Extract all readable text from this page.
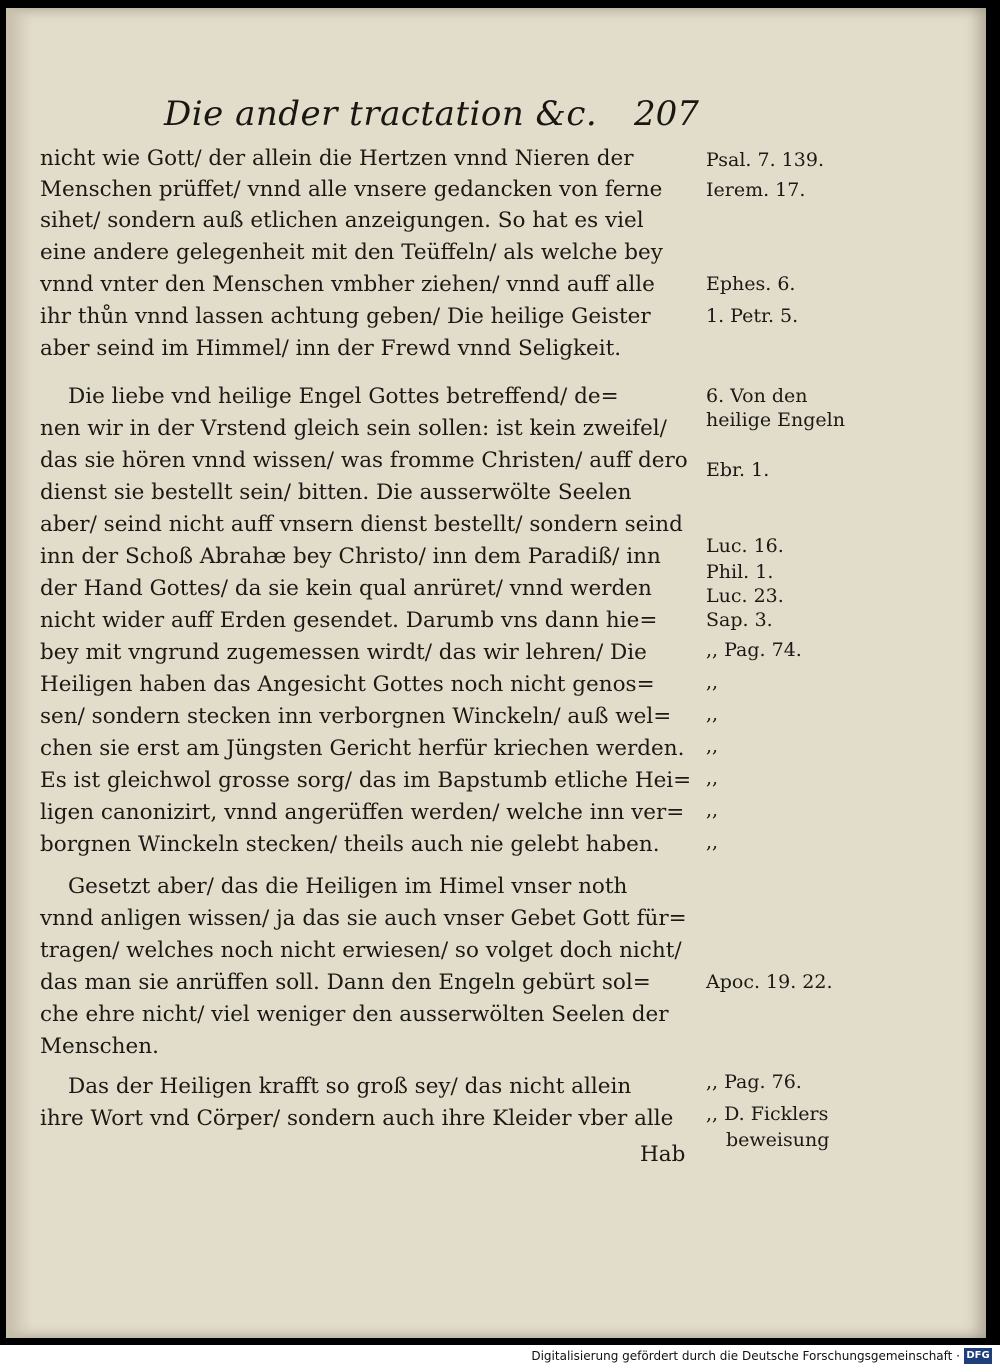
Die ander tractation &c. 207
nicht wie Gott/ der allein die Hertzen vnnd Nieren der
Menschen prüffet/ vnnd alle vnsere gedancken von ferne
sihet/ sondern auß etlichen anzeigungen. So hat es viel
eine andere gelegenheit mit den Teüffeln/ als welche bey
vnnd vnter den Menschen vmbher ziehen/ vnnd auff alle
ihr thůn vnnd lassen achtung geben/ Die heilige Geister
aber seind im Himmel/ inn der Frewd vnnd Seligkeit.
Die liebe vnd heilige Engel Gottes betreffend/ de=
nen wir in der Vrstend gleich sein sollen: ist kein zweifel/
das sie hören vnnd wissen/ was fromme Christen/ auff dero
dienst sie bestellt sein/ bitten. Die ausserwölte Seelen
aber/ seind nicht auff vnsern dienst bestellt/ sondern seind
inn der Schoß Abrahæ bey Christo/ inn dem Paradiß/ inn
der Hand Gottes/ da sie kein qual anrüret/ vnnd werden
nicht wider auff Erden gesendet. Darumb vns dann hie=
bey mit vngrund zugemessen wirdt/ das wir lehren/ Die
Heiligen haben das Angesicht Gottes noch nicht genos=
sen/ sondern stecken inn verborgnen Winckeln/ auß wel=
chen sie erst am Jüngsten Gericht herfür kriechen werden.
Es ist gleichwol grosse sorg/ das im Bapstumb etliche Hei=
ligen canonizirt, vnnd angerüffen werden/ welche inn ver=
borgnen Winckeln stecken/ theils auch nie gelebt haben.
Gesetzt aber/ das die Heiligen im Himel vnser noth
vnnd anligen wissen/ ja das sie auch vnser Gebet Gott für=
tragen/ welches noch nicht erwiesen/ so volget doch nicht/
das man sie anrüffen soll. Dann den Engeln gebürt sol=
che ehre nicht/ viel weniger den ausserwölten Seelen der
Menschen.
Das der Heiligen krafft so groß sey/ das nicht allein
ihre Wort vnd Cörper/ sondern auch ihre Kleider vber alle
Hab
Psal. 7. 139.
Ierem. 17.
Ephes. 6.
1. Petr. 5.
6. Von den
heilige Engeln
Ebr. 1.
Luc. 16.
Phil. 1.
Luc. 23.
Sap. 3.
,, Pag. 74.
,,
,,
,,
,,
,,
,,
Apoc. 19. 22.
,, Pag. 76.
,, D. Ficklers
beweisung
Digitalisierung gefördert durch die Deutsche Forschungsgemeinschaft · DFG
